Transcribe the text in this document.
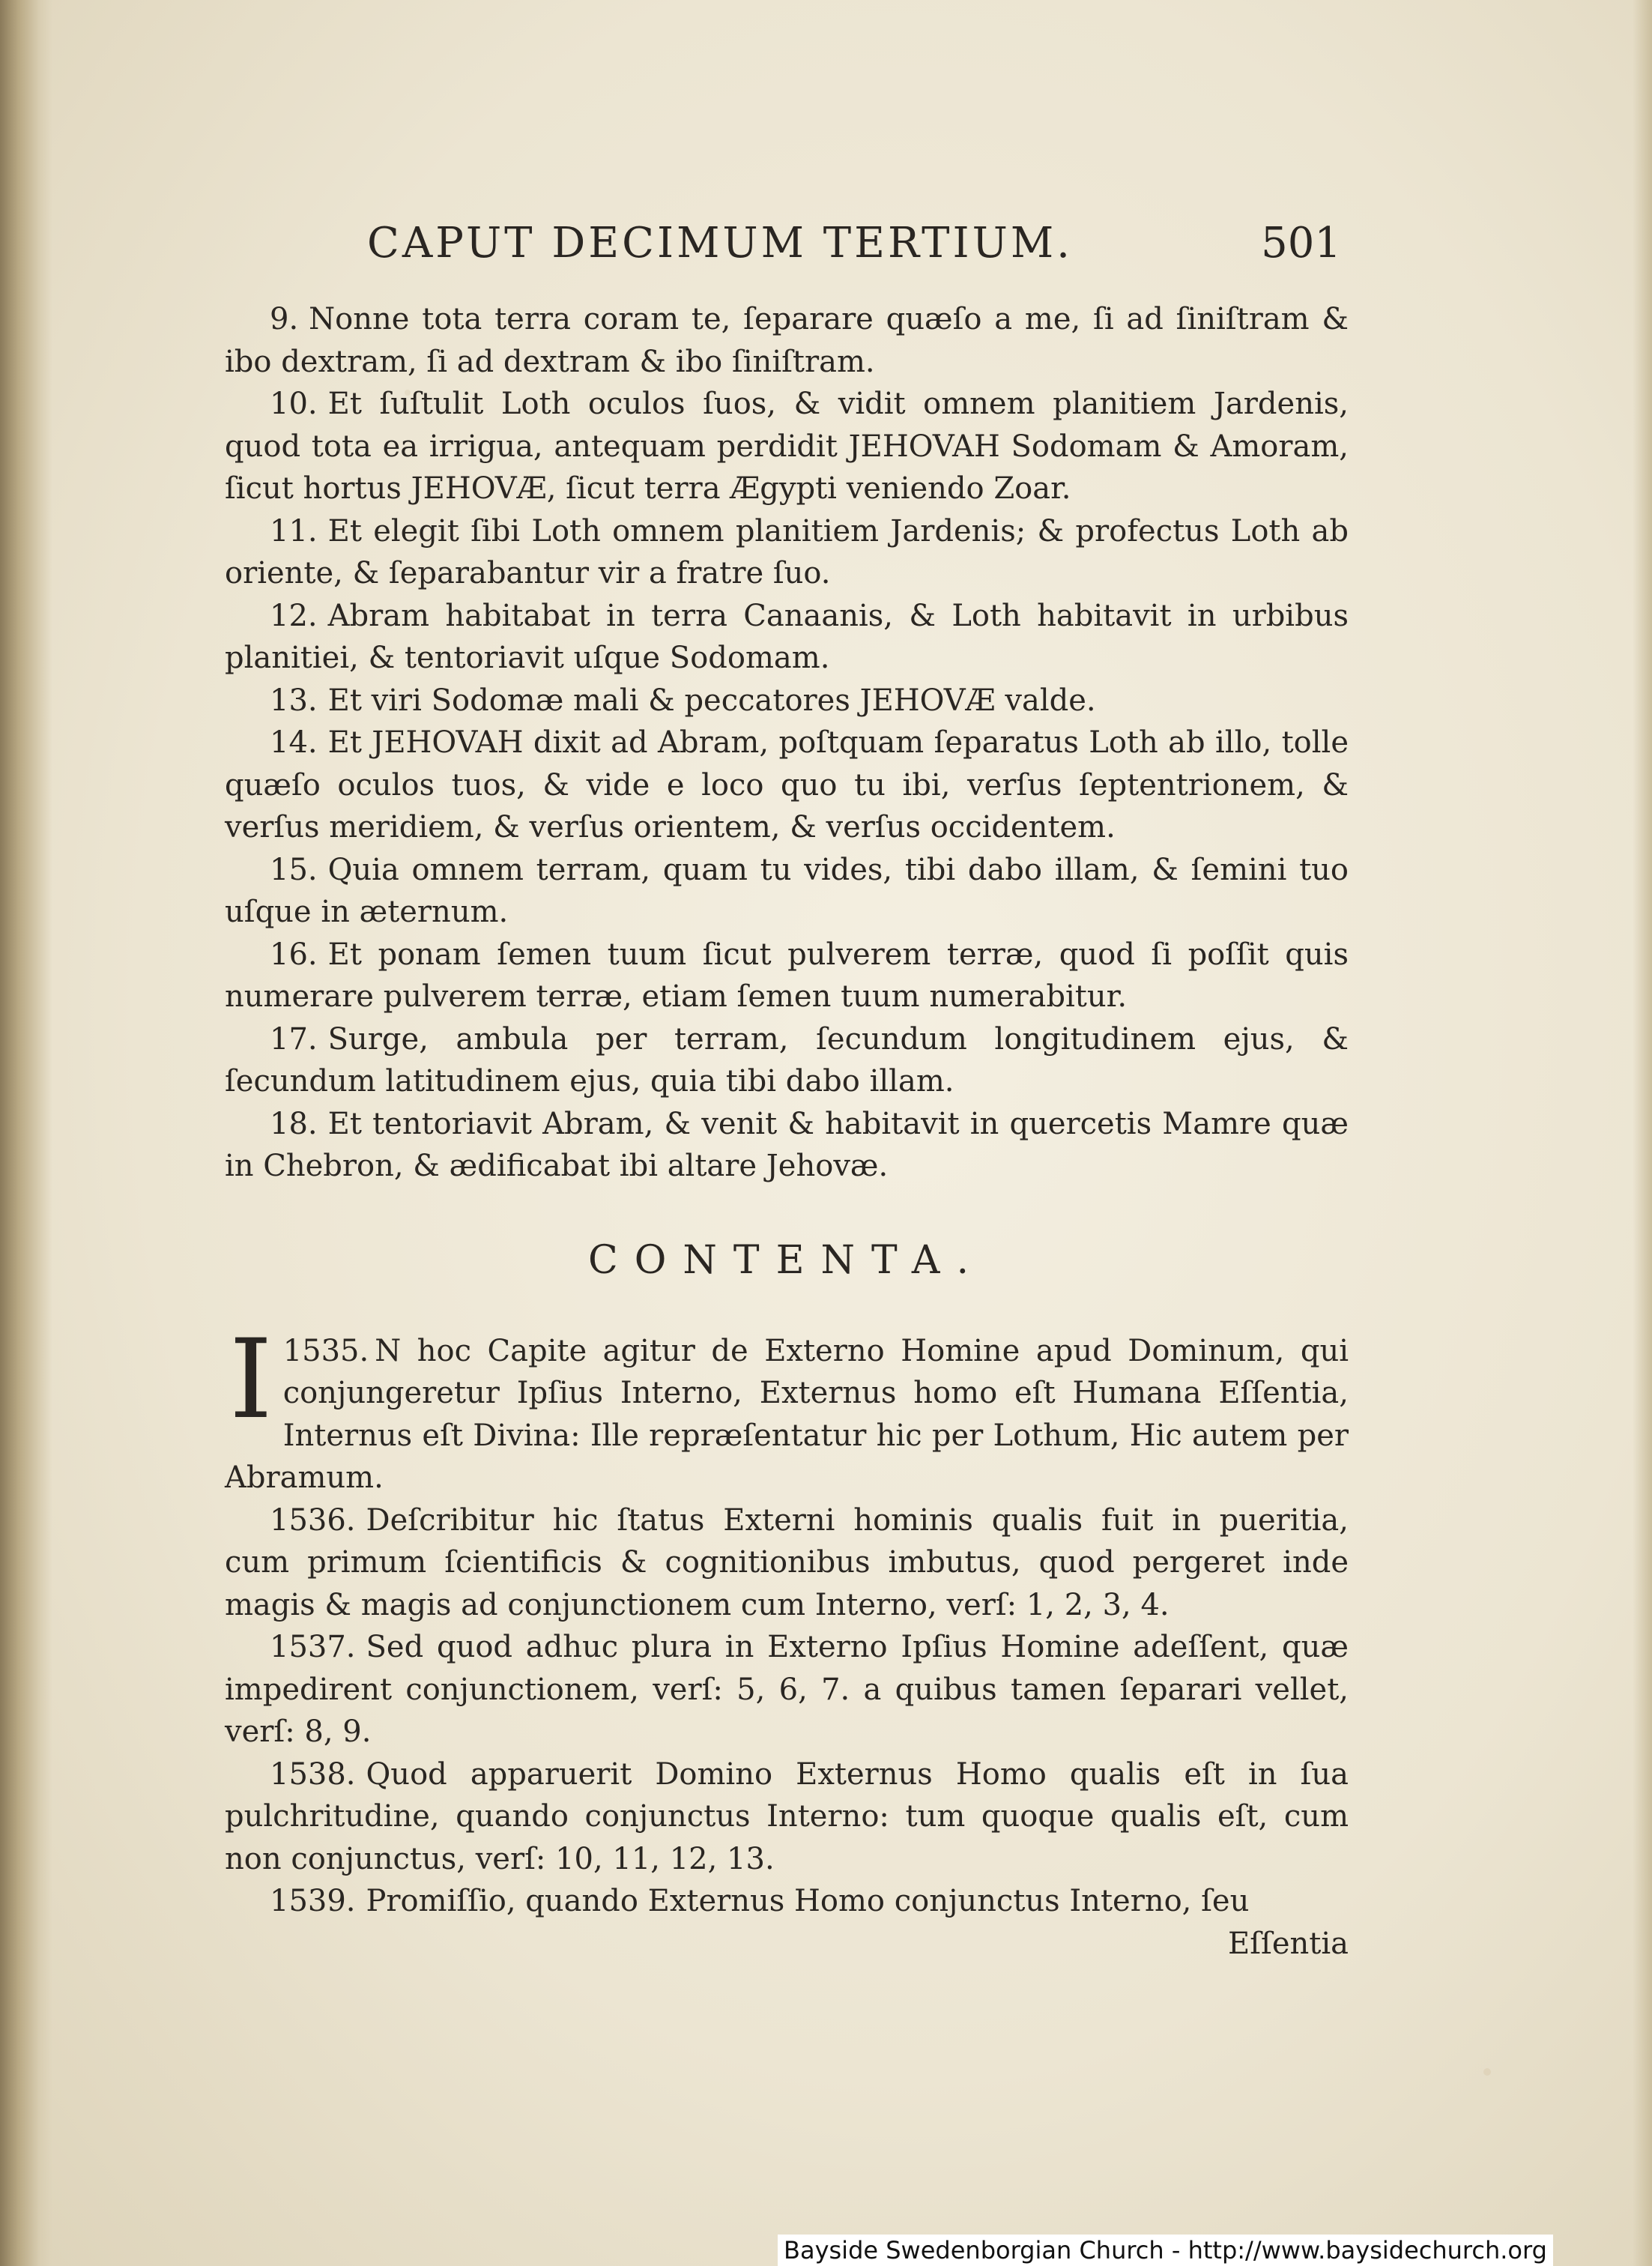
CAPUT DECIMUM TERTIUM.	501

9. Nonne tota terra coram te, ſeparare quæſo a me, ſi ad ſiniſtram & ibo dextram, ſi ad dextram & ibo ſiniſtram.

10. Et ſuſtulit Loth oculos ſuos, & vidit omnem planitiem Jardenis, quod tota ea irrigua, antequam perdidit JEHOVAH Sodomam & Amoram, ſicut hortus JEHOVÆ, ſicut terra Ægypti veniendo Zoar.

11. Et elegit ſibi Loth omnem planitiem Jardenis; & profectus Loth ab oriente, & ſeparabantur vir a fratre ſuo.

12. Abram habitabat in terra Canaanis, & Loth habitavit in urbibus planitiei, & tentoriavit uſque Sodomam.

13. Et viri Sodomæ mali & peccatores JEHOVÆ valde.

14. Et JEHOVAH dixit ad Abram, poſtquam ſeparatus Loth ab illo, tolle quæſo oculos tuos, & vide e loco quo tu ibi, verſus ſeptentrionem, & verſus meridiem, & verſus orientem, & verſus occidentem.

15. Quia omnem terram, quam tu vides, tibi dabo illam, & ſemini tuo uſque in æternum.

16. Et ponam ſemen tuum ſicut pulverem terræ, quod ſi poſſit quis numerare pulverem terræ, etiam ſemen tuum numerabitur.

17. Surge, ambula per terram, ſecundum longitudinem ejus, & ſecundum latitudinem ejus, quia tibi dabo illam.

18. Et tentoriavit Abram, & venit & habitavit in quercetis Mamre quæ in Chebron, & ædificabat ibi altare Jehovæ.

CONTENTA.

1535.
I	N hoc Capite agitur de Externo Homine apud Dominum, qui conjungeretur Ipſius Interno, Externus homo eſt Humana Eſſentia, Internus eſt Divina: Ille repræſentatur hic per Lothum, Hic autem per Abramum.

1536. Deſcribitur hic ſtatus Externi hominis qualis fuit in pueritia, cum primum ſcientificis & cognitionibus imbutus, quod pergeret inde magis & magis ad conjunctionem cum Interno, verſ: 1, 2, 3, 4.

1537. Sed quod adhuc plura in Externo Ipſius Homine adeſſent, quæ impedirent conjunctionem, verſ: 5, 6, 7. a quibus tamen ſeparari vellet, verſ: 8, 9.

1538. Quod apparuerit Domino Externus Homo qualis eſt in ſua pulchritudine, quando conjunctus Interno: tum quoque qualis eſt, cum non conjunctus, verſ: 10, 11, 12, 13.

1539. Promiſſio, quando Externus Homo conjunctus Interno, ſeu

Eſſentia

Bayside Swedenborgian Church - http://www.baysidechurch.org
